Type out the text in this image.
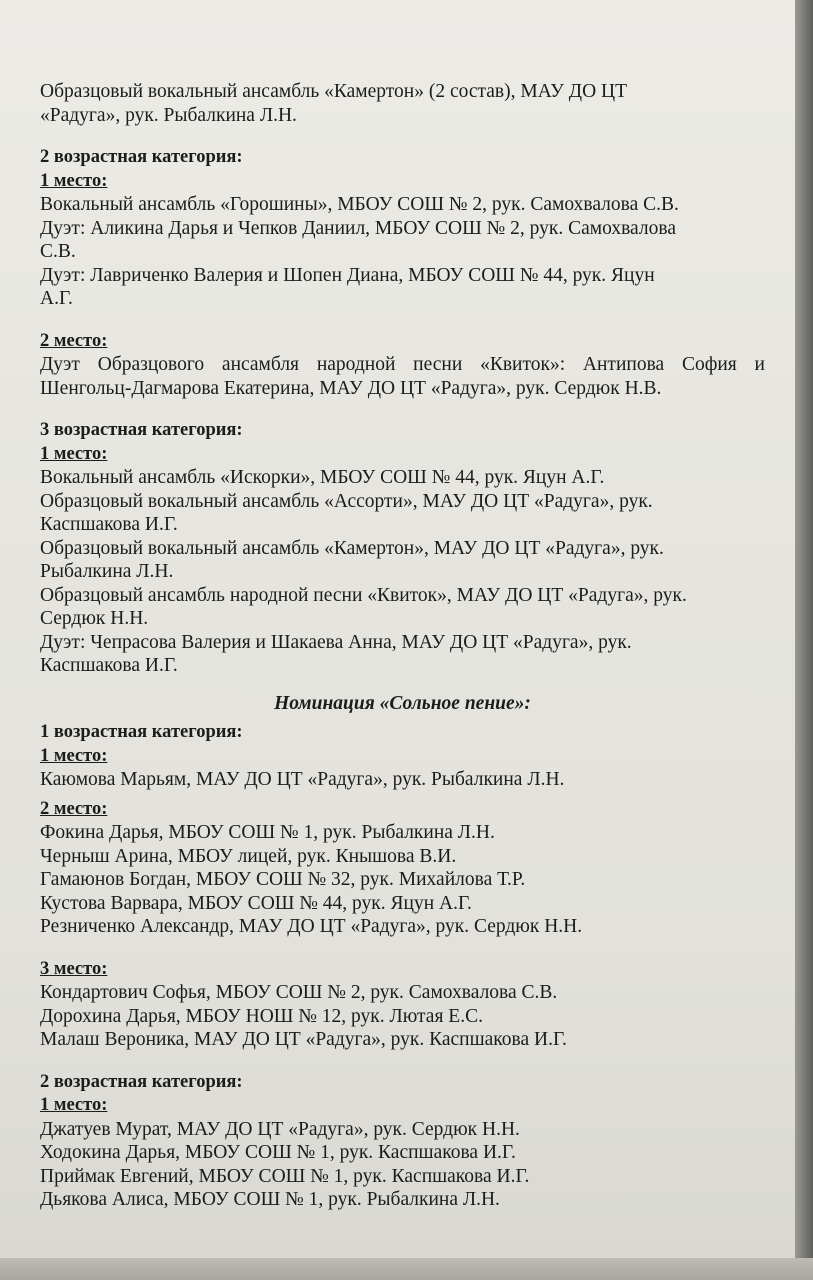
Образцовый вокальный ансамбль «Камертон» (2 состав), МАУ ДО ЦТ
«Радуга», рук. Рыбалкина Л.Н.
2 возрастная категория:
1 место:
Вокальный ансамбль «Горошины», МБОУ СОШ № 2, рук. Самохвалова С.В.
Дуэт: Аликина Дарья и Чепков Даниил, МБОУ СОШ № 2, рук. Самохвалова
С.В.
Дуэт: Лавриченко Валерия и Шопен Диана, МБОУ СОШ № 44, рук. Яцун
А.Г.
2 место:
Дуэт Образцового ансамбля народной песни «Квиток»: Антипова София и
Шенгольц-Дагмарова Екатерина, МАУ ДО ЦТ «Радуга», рук. Сердюк Н.В.
3 возрастная категория:
1 место:
Вокальный ансамбль «Искорки», МБОУ СОШ № 44, рук. Яцун А.Г.
Образцовый вокальный ансамбль «Ассорти», МАУ ДО ЦТ «Радуга», рук.
Каспшакова И.Г.
Образцовый вокальный ансамбль «Камертон», МАУ ДО ЦТ «Радуга», рук.
Рыбалкина Л.Н.
Образцовый ансамбль народной песни «Квиток», МАУ ДО ЦТ «Радуга», рук.
Сердюк Н.Н.
Дуэт: Чепрасова Валерия и Шакаева Анна, МАУ ДО ЦТ «Радуга», рук.
Каспшакова И.Г.
Номинация «Сольное пение»:
1 возрастная категория:
1 место:
Каюмова Марьям, МАУ ДО ЦТ «Радуга», рук. Рыбалкина Л.Н.
2 место:
Фокина Дарья, МБОУ СОШ № 1, рук. Рыбалкина Л.Н.
Черныш Арина, МБОУ лицей, рук. Кнышова В.И.
Гамаюнов Богдан, МБОУ СОШ № 32, рук. Михайлова Т.Р.
Кустова Варвара, МБОУ СОШ № 44, рук. Яцун А.Г.
Резниченко Александр, МАУ ДО ЦТ «Радуга», рук. Сердюк Н.Н.
3 место:
Кондартович Софья, МБОУ СОШ № 2, рук. Самохвалова С.В.
Дорохина Дарья, МБОУ НОШ № 12, рук. Лютая Е.С.
Малаш Вероника, МАУ ДО ЦТ «Радуга», рук. Каспшакова И.Г.
2 возрастная категория:
1 место:
Джатуев Мурат, МАУ ДО ЦТ «Радуга», рук. Сердюк Н.Н.
Ходокина Дарья, МБОУ СОШ № 1, рук. Каспшакова И.Г.
Приймак Евгений, МБОУ СОШ № 1, рук. Каспшакова И.Г.
Дьякова Алиса, МБОУ СОШ № 1, рук. Рыбалкина Л.Н.
